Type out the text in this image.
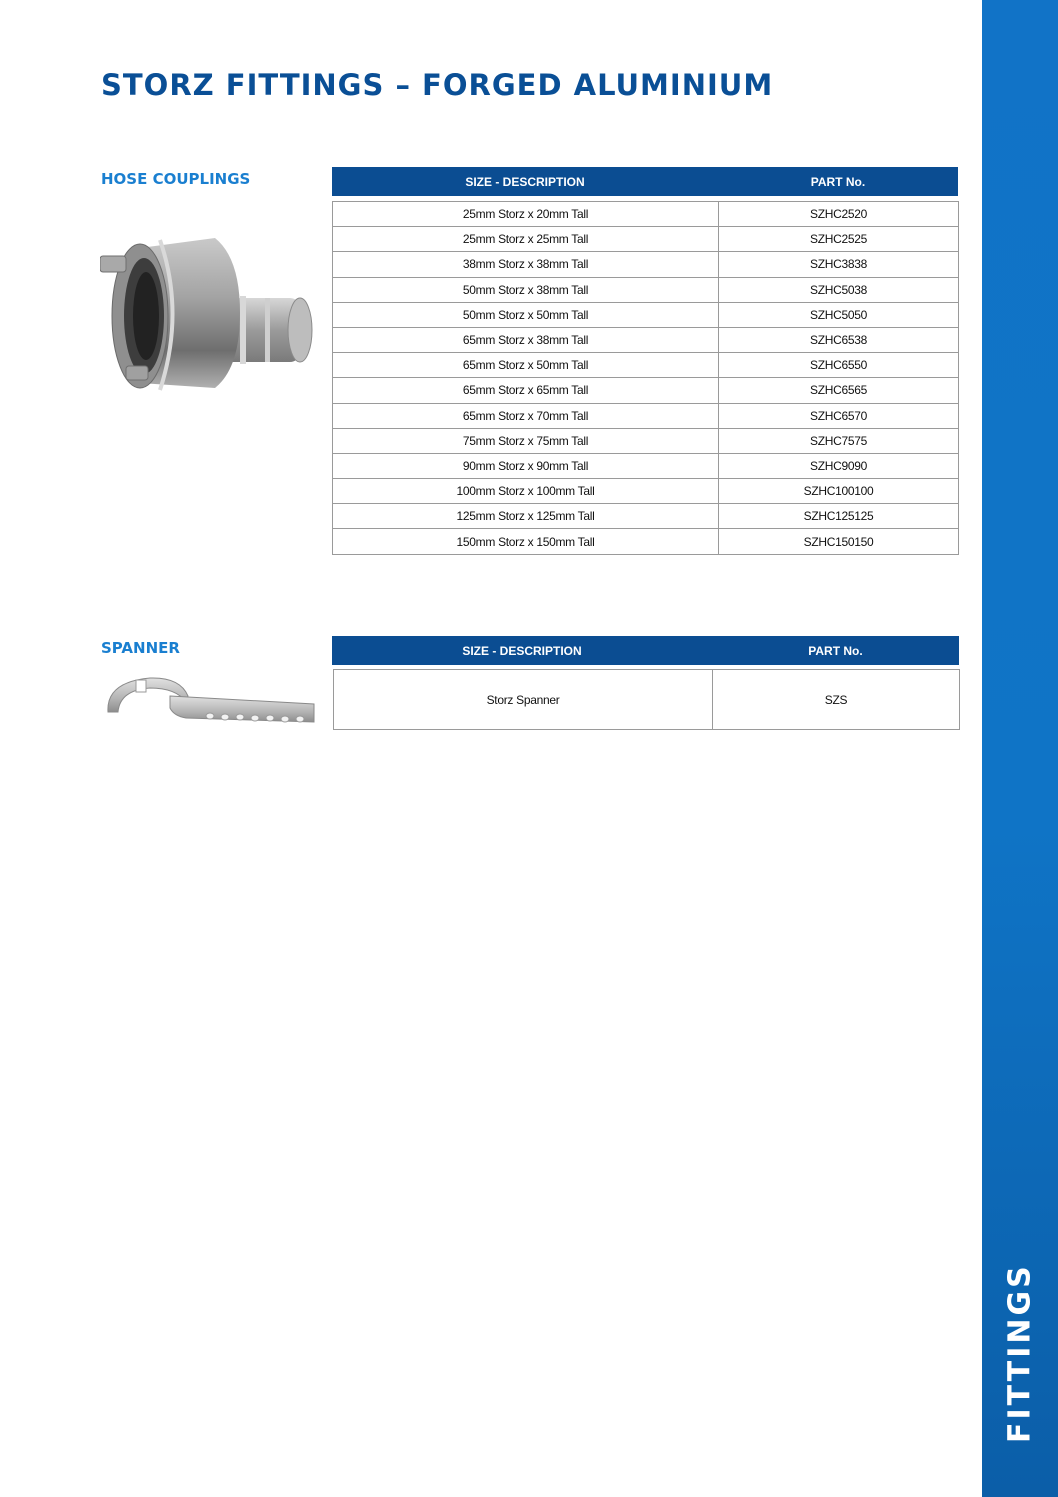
FITTINGS
STORZ FITTINGS – FORGED ALUMINIUM
HOSE COUPLINGS	SIZE - DESCRIPTION	PART No.
25mm Storz x 20mm Tall	SZHC2520
25mm Storz x 25mm Tall	SZHC2525
38mm Storz x 38mm Tall	SZHC3838
50mm Storz x 38mm Tall	SZHC5038
50mm Storz x 50mm Tall	SZHC5050
65mm Storz x 38mm Tall	SZHC6538
65mm Storz x 50mm Tall	SZHC6550
65mm Storz x 65mm Tall	SZHC6565
65mm Storz x 70mm Tall	SZHC6570
75mm Storz x 75mm Tall	SZHC7575
90mm Storz x 90mm Tall	SZHC9090
100mm Storz x 100mm Tall	SZHC100100
125mm Storz x 125mm Tall	SZHC125125
150mm Storz x 150mm Tall	SZHC150150
SPANNER	SIZE - DESCRIPTION	PART No.
Storz Spanner	SZS
